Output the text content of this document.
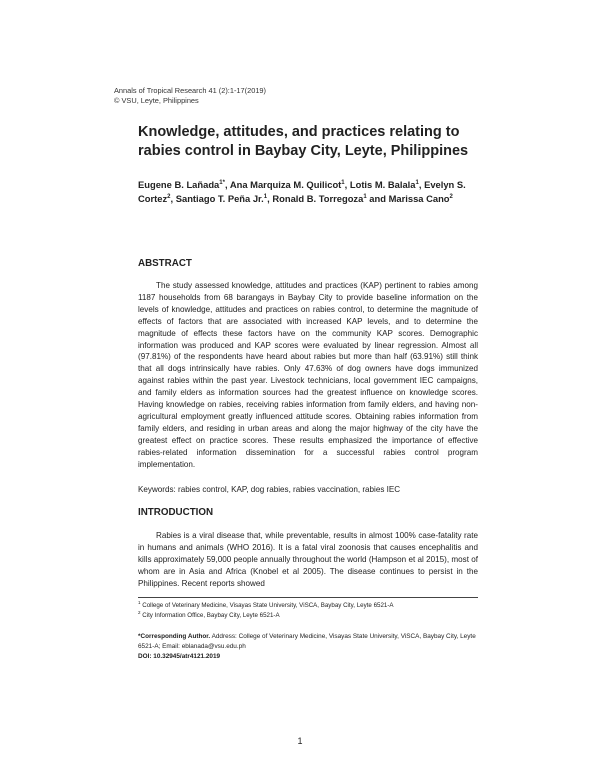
Annals of Tropical Research 41 (2):1-17(2019)
© VSU, Leyte, Philippines
Knowledge, attitudes, and practices relating to rabies control in Baybay City, Leyte, Philippines
Eugene B. Lañada$^{1*}$, Ana Marquiza M. Quilicot$^1$, Lotis M. Balala$^1$, Evelyn S. Cortez$^2$, Santiago T. Peña Jr.$^1$, Ronald B. Torregoza$^1$ and Marissa Cano$^2$
ABSTRACT
The study assessed knowledge, attitudes and practices (KAP) pertinent to rabies among 1187 households from 68 barangays in Baybay City to provide baseline information on the levels of knowledge, attitudes and practices on rabies control, to determine the magnitude of effects of factors that are associated with increased KAP levels, and to determine the magnitude of effects these factors have on the community KAP scores. Demographic information was produced and KAP scores were evaluated by linear regression. Almost all (97.81%) of the respondents have heard about rabies but more than half (63.91%) still think that all dogs intrinsically have rabies. Only 47.63% of dog owners have dogs immunized against rabies within the past year. Livestock technicians, local government IEC campaigns, and family elders as information sources had the greatest influence on knowledge scores. Having knowledge on rabies, receiving rabies information from family elders, and having non-agricultural employment greatly influenced attitude scores. Obtaining rabies information from family elders, and residing in urban areas and along the major highway of the city have the greatest effect on practice scores. These results emphasized the importance of effective rabies-related information dissemination for a successful rabies control program implementation.
Keywords: rabies control, KAP, dog rabies, rabies vaccination, rabies IEC
INTRODUCTION
Rabies is a viral disease that, while preventable, results in almost 100% case-fatality rate in humans and animals (WHO 2016). It is a fatal viral zoonosis that causes encephalitis and kills approximately 59,000 people annually throughout the world (Hampson et al 2015), most of whom are in Asia and Africa (Knobel et al 2005). The disease continues to persist in the Philippines. Recent reports showed
$^1$ College of Veterinary Medicine, Visayas State University, ViSCA, Baybay City, Leyte 6521-A
$^2$ City Information Office, Baybay City, Leyte 6521-A
*Corresponding Author. Address: College of Veterinary Medicine, Visayas State University, ViSCA, Baybay City, Leyte 6521-A; Email: eblanada@vsu.edu.ph
DOI: 10.32945/atr4121.2019
1
